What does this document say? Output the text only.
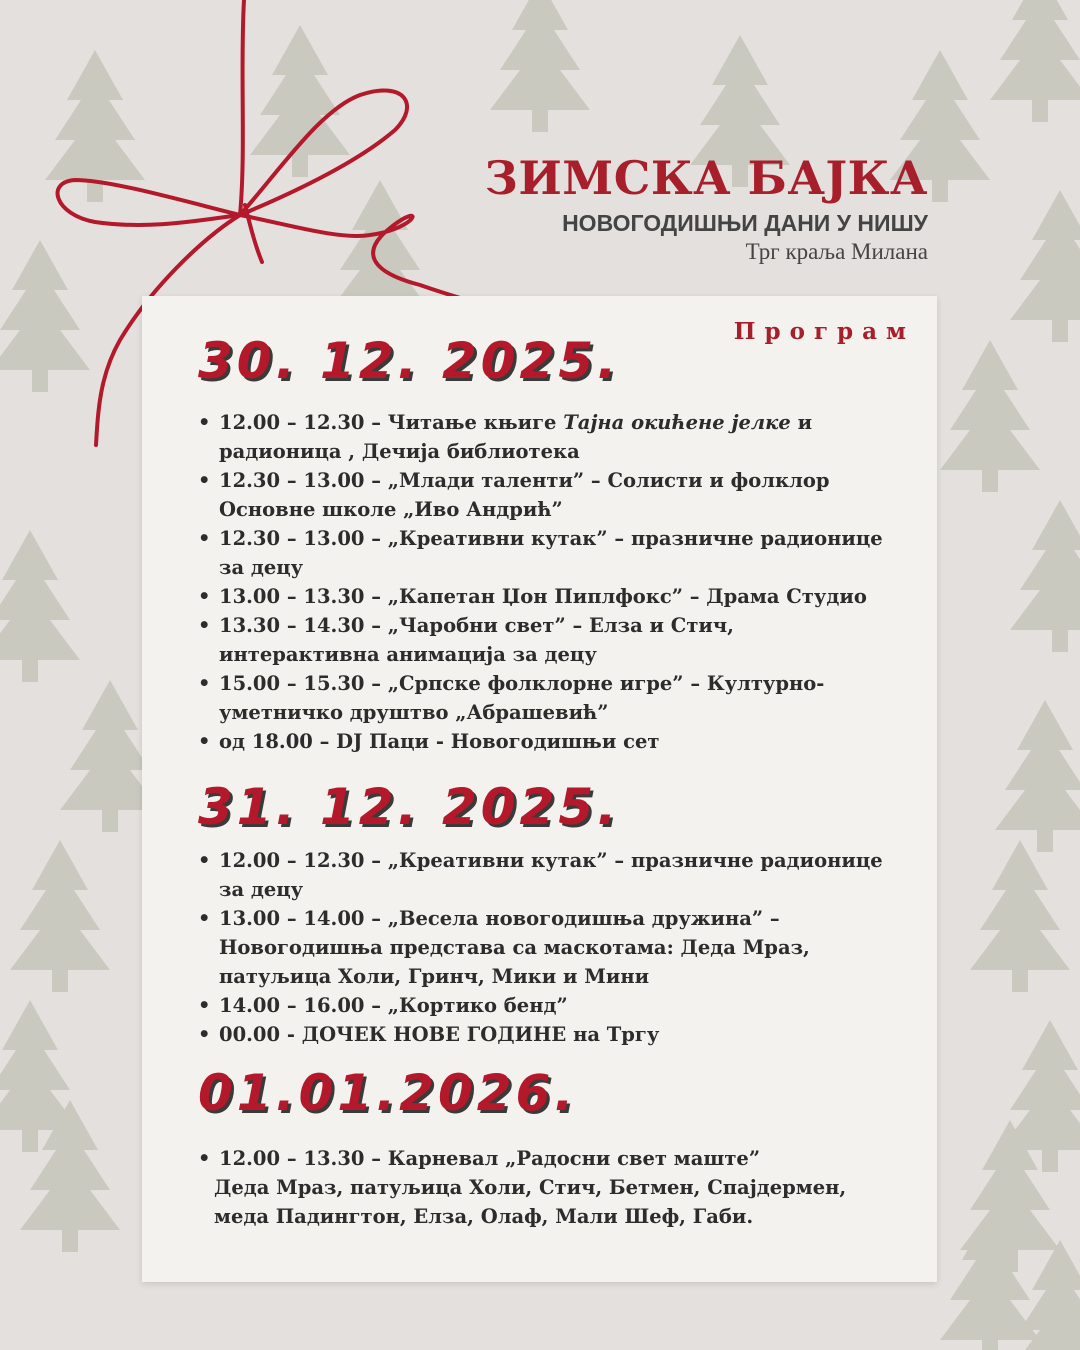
ЗИМСКА БАЈКА
НОВОГОДИШЊИ ДАНИ У НИШУ
Трг краља Милана
Програм
30. 12. 2025.
• 12.00 – 12.30 – Читање књиге Тајна окићене јелке и радионица , Дечија библиотека
• 12.30 – 13.00 – „Млади таленти” – Солисти и фолклор Основне школе „Иво Андрић”
• 12.30 – 13.00 – „Креативни кутак” – празничне радионице за децу
• 13.00 – 13.30 – „Капетан Џон Пиплфокс” – Драма Студио
• 13.30 – 14.30 – „Чаробни свет” – Елза и Стич, интерактивна анимација за децу
• 15.00 – 15.30 – „Српске фолклорне игре” – Културно-уметничко друштво „Абрашевић”
• од 18.00 – DJ Паци - Новогодишњи сет
31. 12. 2025.
• 12.00 – 12.30 – „Креативни кутак” – празничне радионице за децу
• 13.00 – 14.00 – „Весела новогодишња дружина” – Новогодишња представа са маскотама: Деда Мраз, патуљица Холи, Гринч, Мики и Мини
• 14.00 – 16.00 – „Кортико бенд”
• 00.00 - ДОЧЕК НОВЕ ГОДИНЕ на Тргу
01.01.2026.
• 12.00 – 13.30 – Карневал „Радосни свет маште”
Деда Мраз, патуљица Холи, Стич, Бетмен, Спајдермен,
меда Падингтон, Елза, Олаф, Мали Шеф, Габи.
